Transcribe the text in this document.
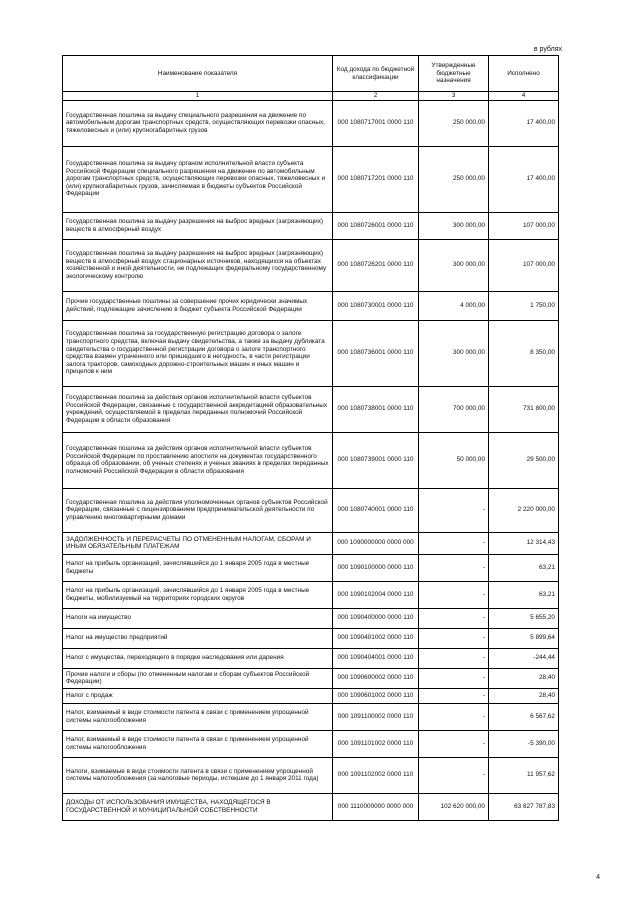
в рублях
Наименование показателя	Код дохода по бюджетной классификации	Утвержденные бюджетные назначения	Исполнено
1	2	3	4
Государственная пошлина за выдачу специального разрешения на движение по автомобильным дорогам транспортных средств, осуществляющих перевозки опасных, тяжеловесных и (или) крупногабаритных грузов	000 1080717001 0000 110	250 000,00	17 400,00
Государственная пошлина за выдачу органом исполнительной власти субъекта Российской Федерации специального разрешения на движение по автомобильным дорогам транспортных средств, осуществляющих перевозки опасных, тяжеловесных и (или) крупногабаритных грузов, зачисляемая в бюджеты субъектов Российской Федерации	000 1080717201 0000 110	250 000,00	17 400,00
Государственная пошлина за выдачу разрешения на выброс вредных (загрязняющих) веществ в атмосферный воздух	000 1080726001 0000 110	300 000,00	107 000,00
Государственная пошлина за выдачу разрешения на выброс вредных (загрязняющих) веществ в атмосферный воздух стационарных источников, находящихся на объектах хозяйственной и иной деятельности, не подлежащих федеральному государственному экологическому контролю	000 1080726201 0000 110	300 000,00	107 000,00
Прочие государственные пошлины за совершение прочих юридически значимых действий, подлежащие зачислению в бюджет субъекта Российской Федерации	000 1080730001 0000 110	4 000,00	1 750,00
Государственная пошлина за государственную регистрацию договора о залоге транспортного средства, включая выдачу свидетельства, а также за выдачу дубликата свидетельства о государственной регистрации договора о залоге транспортного средства взамен утраченного или пришедшего в негодность, в части регистрации залога тракторов, самоходных дорожно-строительных машин и иных машин и прицепов к ним	000 1080736001 0000 110	300 000,00	8 350,00
Государственная пошлина за действия органов исполнительной власти субъектов Российской Федерации, связанные с государственной аккредитацией образовательных учреждений, осуществляемой в пределах переданных полномочий Российской Федерации в области образования	000 1080738001 0000 110	700 000,00	731 800,00
Государственная пошлина за действия органов исполнительной власти субъектов Российской Федерации по проставлению апостиля на документах государственного образца об образовании, об ученых степенях и ученых званиях в пределах переданных полномочий Российской Федерации в области образования	000 1080739001 0000 110	50 000,00	29 500,00
Государственная пошлина за действия уполномоченных органов субъектов Российской Федерации, связанные с лицензированием предпринимательской деятельности по управлению многоквартирными домами	000 1080740001 0000 110	-	2 220 000,00
ЗАДОЛЖЕННОСТЬ И ПЕРЕРАСЧЕТЫ ПО ОТМЕНЕННЫМ НАЛОГАМ, СБОРАМ И ИНЫМ ОБЯЗАТЕЛЬНЫМ ПЛАТЕЖАМ	000 1090000000 0000 000	-	12 314,43
Налог на прибыль организаций, зачислявшийся до 1 января 2005 года в местные бюджеты	000 1090100000 0000 110	-	63,21
Налог на прибыль организаций, зачислявшийся до 1 января 2005 года в местные бюджеты, мобилизуемый на территориях городских округов	000 1090102004 0000 110	-	63,21
Налоги на имущество	000 1090400000 0000 110	-	5 655,20
Налог на имущество предприятий	000 1090401002 0000 110	-	5 899,64
Налог с имущества, переходящего в порядке наследования или дарения	000 1090404001 0000 110	-	-244,44
Прочие налоги и сборы (по отмененным налогам и сборам субъектов Российской Федерации)	000 1090600002 0000 110	-	28,40
Налог с продаж	000 1090601002 0000 110	-	28,40
Налог, взимаемый в виде стоимости патента в связи с применением упрощенной системы налогообложения	000 1091100002 0000 110	-	6 567,62
Налог, взимаемый в виде стоимости патента в связи с применением упрощенной системы налогообложения	000 1091101002 0000 110	-	-5 390,00
Налоги, взимаемые в виде стоимости патента в связи с применением упрощенной системы налогообложения (за налоговые периоды, истекшие до 1 января 2011 года)	000 1091102002 0000 110	-	11 957,62
ДОХОДЫ ОТ ИСПОЛЬЗОВАНИЯ ИМУЩЕСТВА, НАХОДЯЩЕГОСЯ В ГОСУДАРСТВЕННОЙ И МУНИЦИПАЛЬНОЙ СОБСТВЕННОСТИ	000 1110000000 0000 000	102 620 000,00	63 827 787,83
4
